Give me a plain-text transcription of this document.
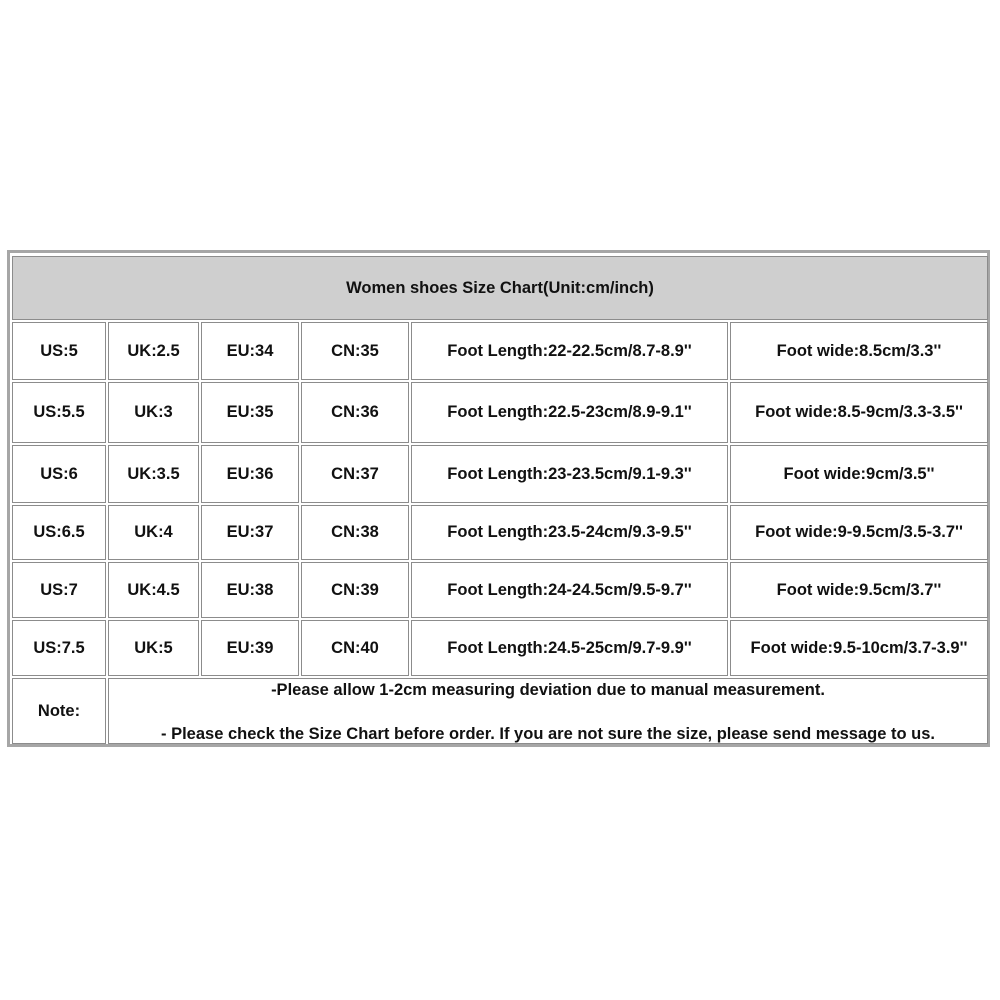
Women shoes Size Chart(Unit:cm/inch)
US:5	UK:2.5	EU:34	CN:35	Foot Length:22-22.5cm/8.7-8.9''	Foot wide:8.5cm/3.3''
US:5.5	UK:3	EU:35	CN:36	Foot Length:22.5-23cm/8.9-9.1''	Foot wide:8.5-9cm/3.3-3.5''
US:6	UK:3.5	EU:36	CN:37	Foot Length:23-23.5cm/9.1-9.3''	Foot wide:9cm/3.5''
US:6.5	UK:4	EU:37	CN:38	Foot Length:23.5-24cm/9.3-9.5''	Foot wide:9-9.5cm/3.5-3.7''
US:7	UK:4.5	EU:38	CN:39	Foot Length:24-24.5cm/9.5-9.7''	Foot wide:9.5cm/3.7''
US:7.5	UK:5	EU:39	CN:40	Foot Length:24.5-25cm/9.7-9.9''	Foot wide:9.5-10cm/3.7-3.9''
Note:
-Please allow 1-2cm measuring deviation due to manual measurement.
- Please check the Size Chart before order. If you are not sure the size, please send message to us.
